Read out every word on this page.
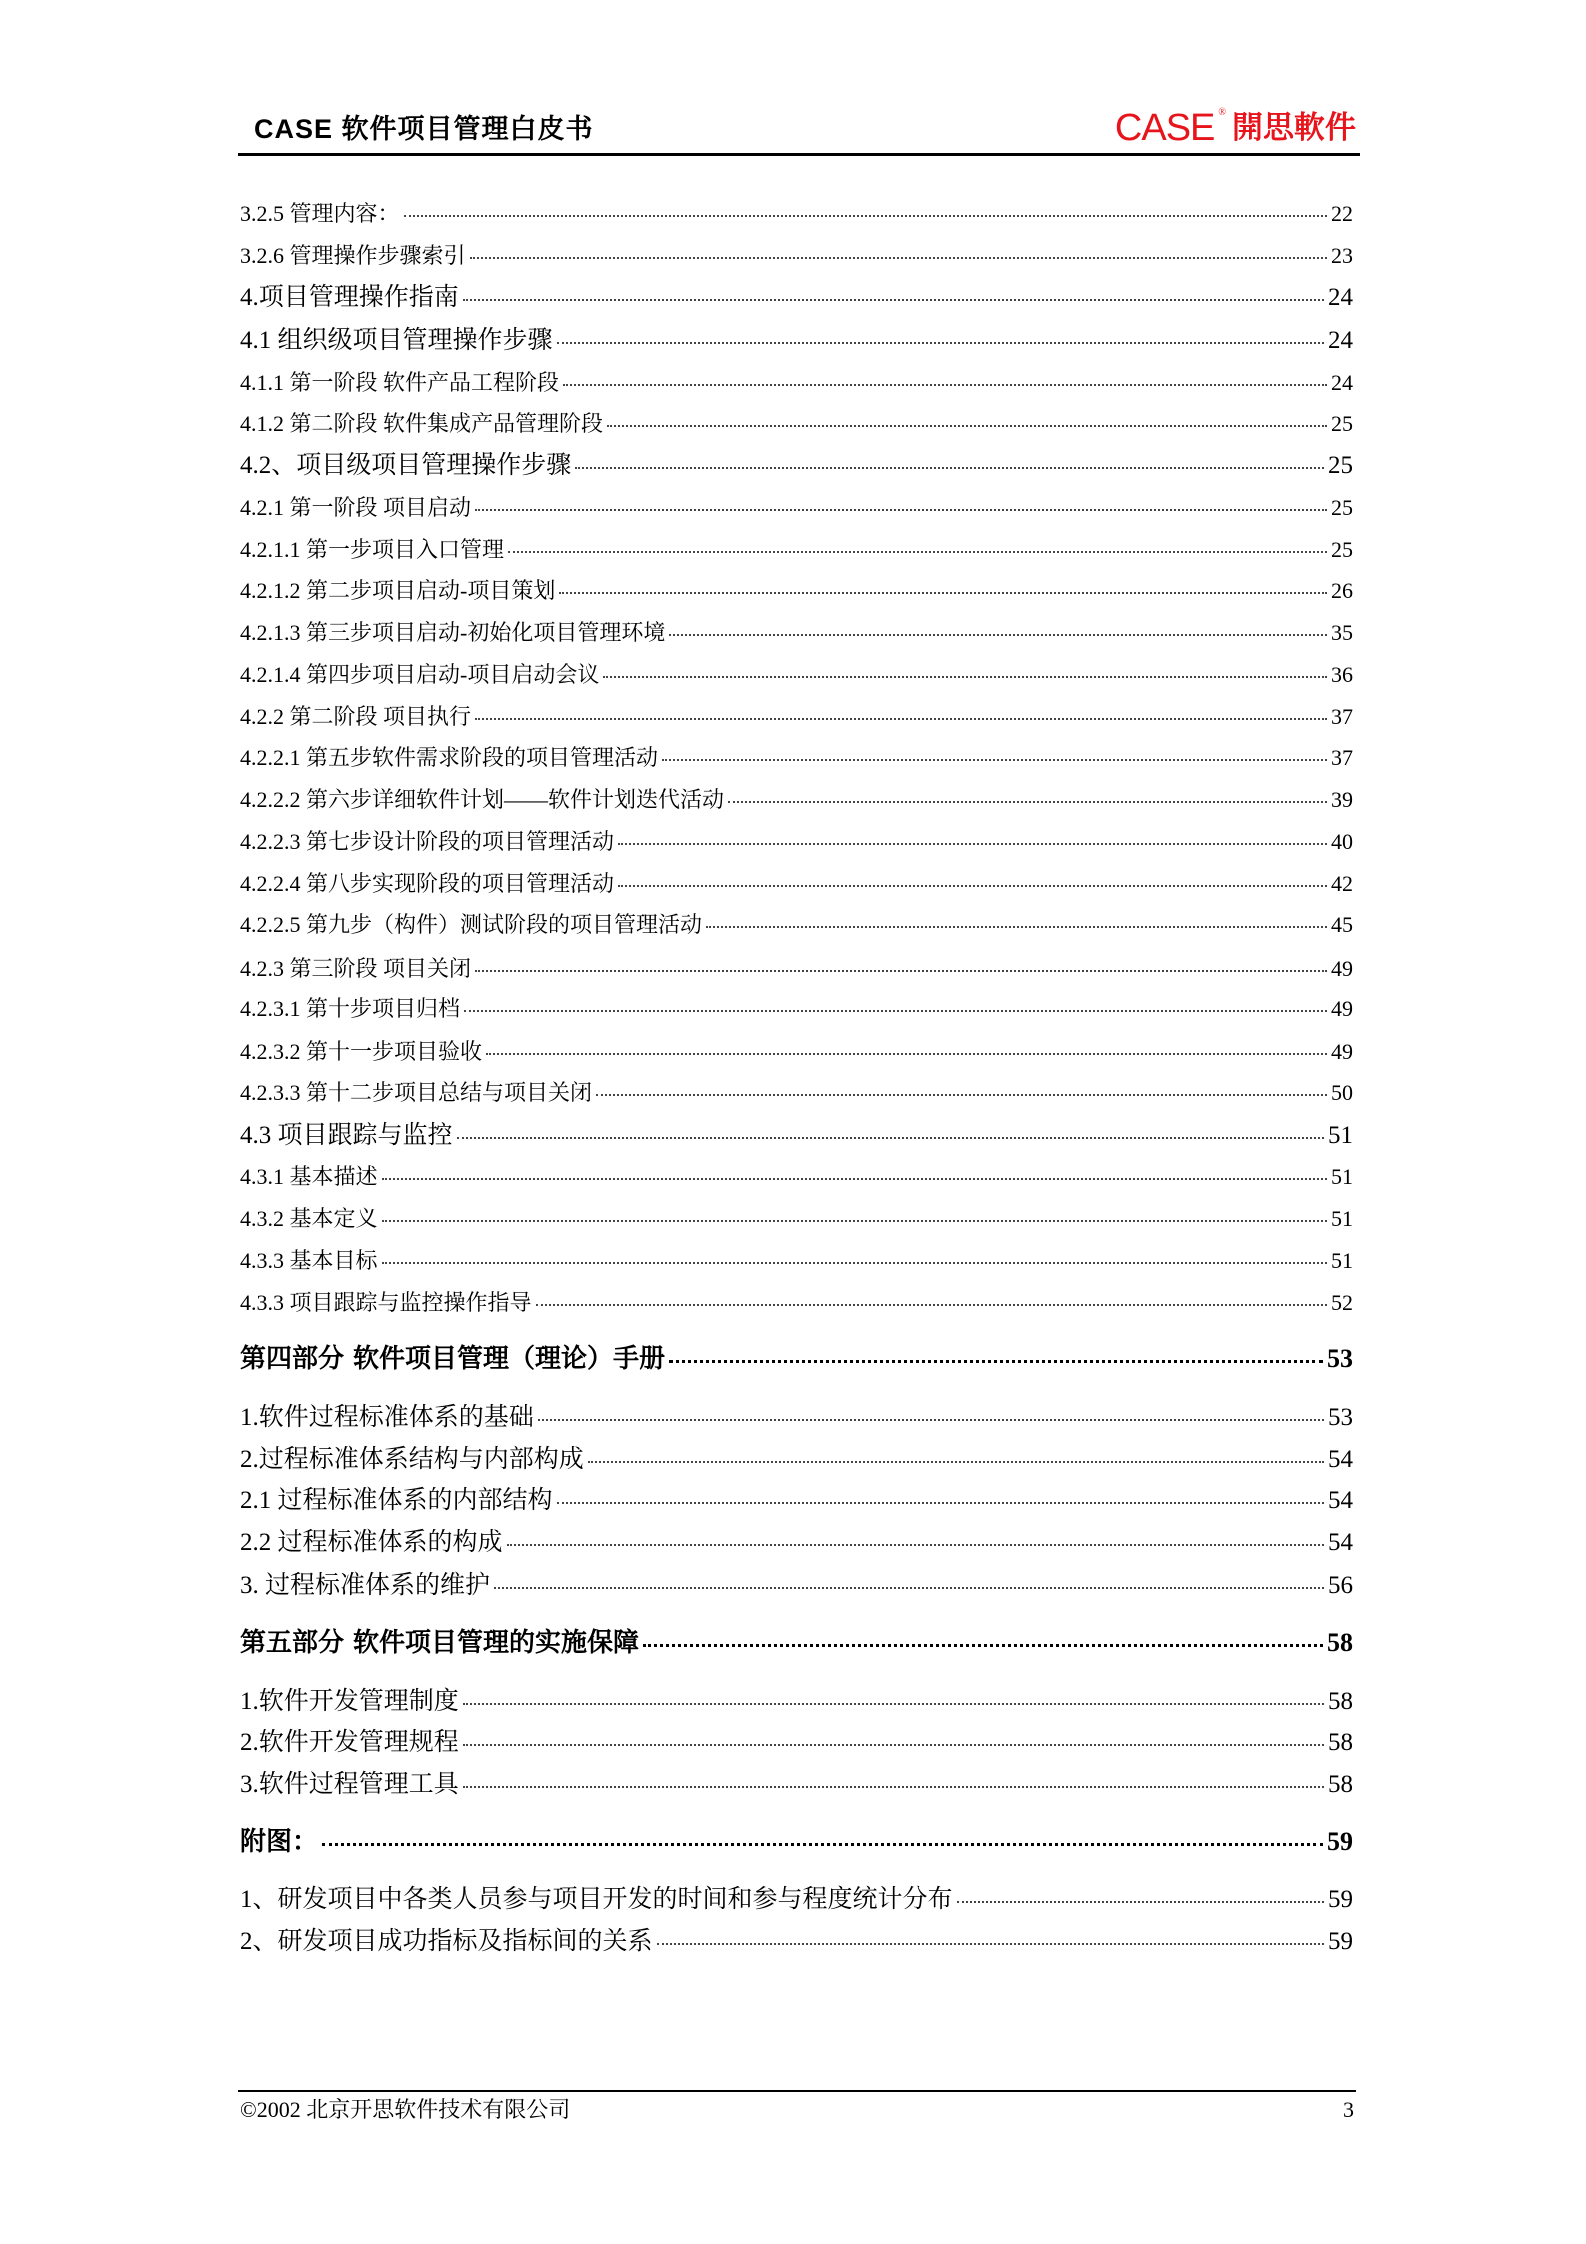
CASE 软件项目管理白皮书	CASE ® 開思軟件
3.2.5 管理内容：	22
3.2.6 管理操作步骤索引	23
4.项目管理操作指南	24
4.1 组织级项目管理操作步骤	24
4.1.1 第一阶段 软件产品工程阶段	24
4.1.2 第二阶段 软件集成产品管理阶段	25
4.2、项目级项目管理操作步骤	25
4.2.1 第一阶段 项目启动	25
4.2.1.1 第一步项目入口管理	25
4.2.1.2 第二步项目启动-项目策划	26
4.2.1.3 第三步项目启动-初始化项目管理环境	35
4.2.1.4 第四步项目启动-项目启动会议	36
4.2.2 第二阶段 项目执行	37
4.2.2.1 第五步软件需求阶段的项目管理活动	37
4.2.2.2 第六步详细软件计划——软件计划迭代活动	39
4.2.2.3 第七步设计阶段的项目管理活动	40
4.2.2.4 第八步实现阶段的项目管理活动	42
4.2.2.5 第九步（构件）测试阶段的项目管理活动	45
4.2.3 第三阶段 项目关闭	49
4.2.3.1 第十步项目归档	49
4.2.3.2 第十一步项目验收	49
4.2.3.3 第十二步项目总结与项目关闭	50
4.3 项目跟踪与监控	51
4.3.1 基本描述	51
4.3.2 基本定义	51
4.3.3 基本目标	51
4.3.3 项目跟踪与监控操作指导	52
第四部分 软件项目管理（理论）手册	53
1.软件过程标准体系的基础	53
2.过程标准体系结构与内部构成	54
2.1 过程标准体系的内部结构	54
2.2 过程标准体系的构成	54
3. 过程标准体系的维护	56
第五部分 软件项目管理的实施保障	58
1.软件开发管理制度	58
2.软件开发管理规程	58
3.软件过程管理工具	58
附图：	59
1、研发项目中各类人员参与项目开发的时间和参与程度统计分布	59
2、研发项目成功指标及指标间的关系	59
©2002 北京开思软件技术有限公司	3
